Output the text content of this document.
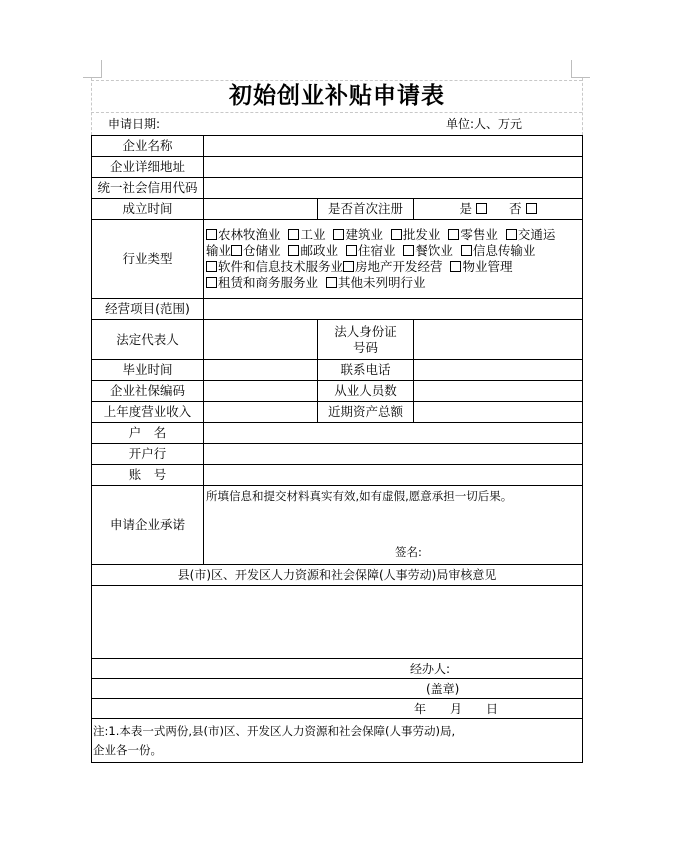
初始创业补贴申请表
申请日期:	单位:人、万元
企业名称			
企业详细地址			
统一社会信用代码			
成立时间		是否首次注册	是 否
行业类型	农林牧渔业 工业 建筑业 批发业 零售业 交通运
输业 仓储业 邮政业 住宿业 餐饮业 信息传输业
软件和信息技术服务业 房地产开发经营 物业管理
租赁和商务服务业 其他未列明行业		

经营项目(范围)			
法定代表人		法人身份证
号码	

毕业时间		联系电话	
企业社保编码		从业人员数	
上年度营业收入		近期资产总额	
户　名			
开户行			
账　号			
申请企业承诺	所填信息和提交材料真实有效,如有虚假,愿意承担一切后果。
签名:		

县(市)区、开发区人力资源和社会保障(人事劳动)局审核意见			

经办人:			
(盖章)			
年　　月　　日			

注:1.本表一式两份,县(市)区、开发区人力资源和社会保障(人事劳动)局,
企业各一份。			
